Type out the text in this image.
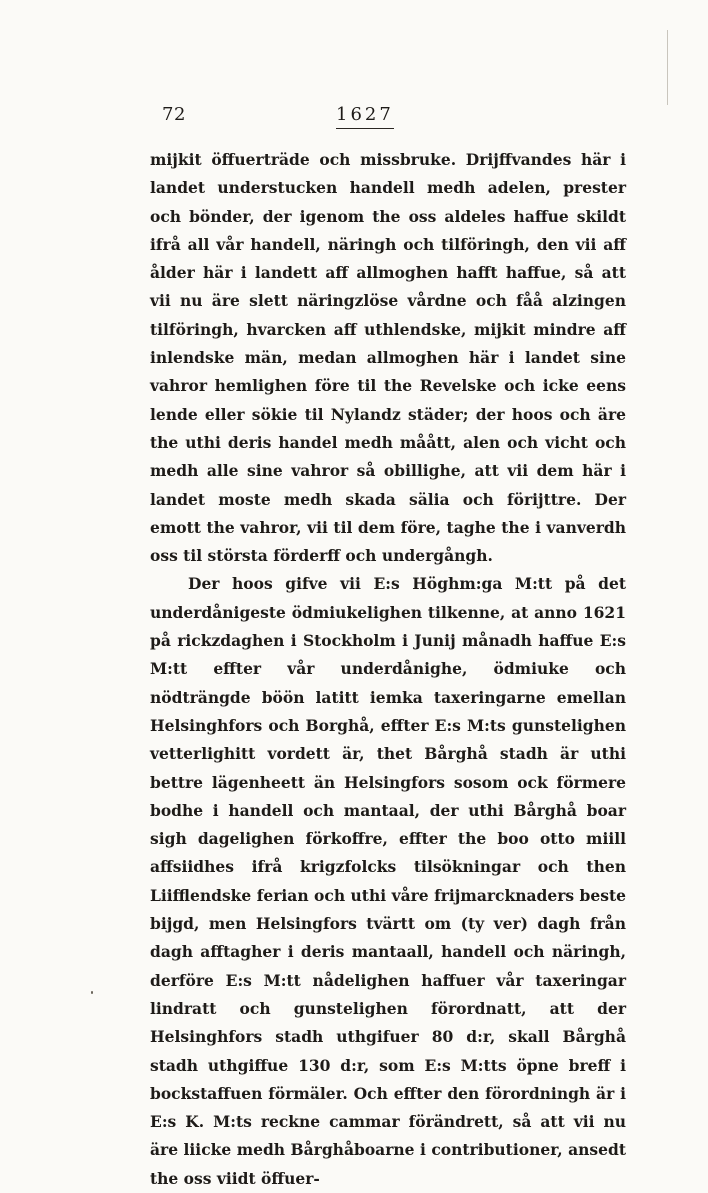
72	1627

mijkit öffuerträde och missbruke. Drijffvandes här i landet understucken handell medh adelen, prester och bönder, der igenom the oss aldeles haffue skildt ifrå all vår handell, näringh och tilföringh, den vii aff ålder här i landett aff allmoghen hafft haffue, så att vii nu äre slett näringzlöse vårdne och fåå alzingen tilföringh, hvarcken aff uthlendske, mijkit mindre aff inlendske män, medan allmoghen här i landet sine vahror hemlighen före til the Revelske och icke eens lende eller sökie til Nylandz städer; der hoos och äre the uthi deris handel medh måått, alen och vicht och medh alle sine vahror så obillighe, att vii dem här i landet moste medh skada sälia och förijttre. Der emott the vahror, vii til dem före, taghe the i vanverdh oss til största förderff och undergångh.

Der hoos gifve vii E:s Höghm:ga M:tt på det underdånigeste ödmiukelighen tilkenne, at anno 1621 på rickzdaghen i Stockholm i Junij månadh haffue E:s M:tt effter vår underdånighe, ödmiuke och nödträngde böön latitt iemka taxeringarne emellan Helsinghfors och Borghå, effter E:s M:ts gunstelighen vetterlighitt vordett är, thet Bårghå stadh är uthi bettre lägenheett än Helsingfors sosom ock förmere bodhe i handell och mantaal, der uthi Bårghå boar sigh dagelighen förkoffre, effter the boo otto miill affsiidhes ifrå krigzfolcks tilsökningar och then Liifflendske ferian och uthi våre frijmarcknaders beste bijgd, men Helsingfors tvärtt om (ty ver) dagh från dagh afftagher i deris mantaall, handell och näringh, derföre E:s M:tt nådelighen haffuer vår taxeringar lindratt och gunstelighen förordnatt, att der Helsinghfors stadh uthgifuer 80 d:r, skall Bårghå stadh uthgiffue 130 d:r, som E:s M:tts öpne breff i bockstaffuen förmäler. Och effter den förordningh är i E:s K. M:ts reckne cammar förändrett, så att vii nu äre liicke medh Bårghåboarne i contributioner, ansedt the oss viidt öffuer-
